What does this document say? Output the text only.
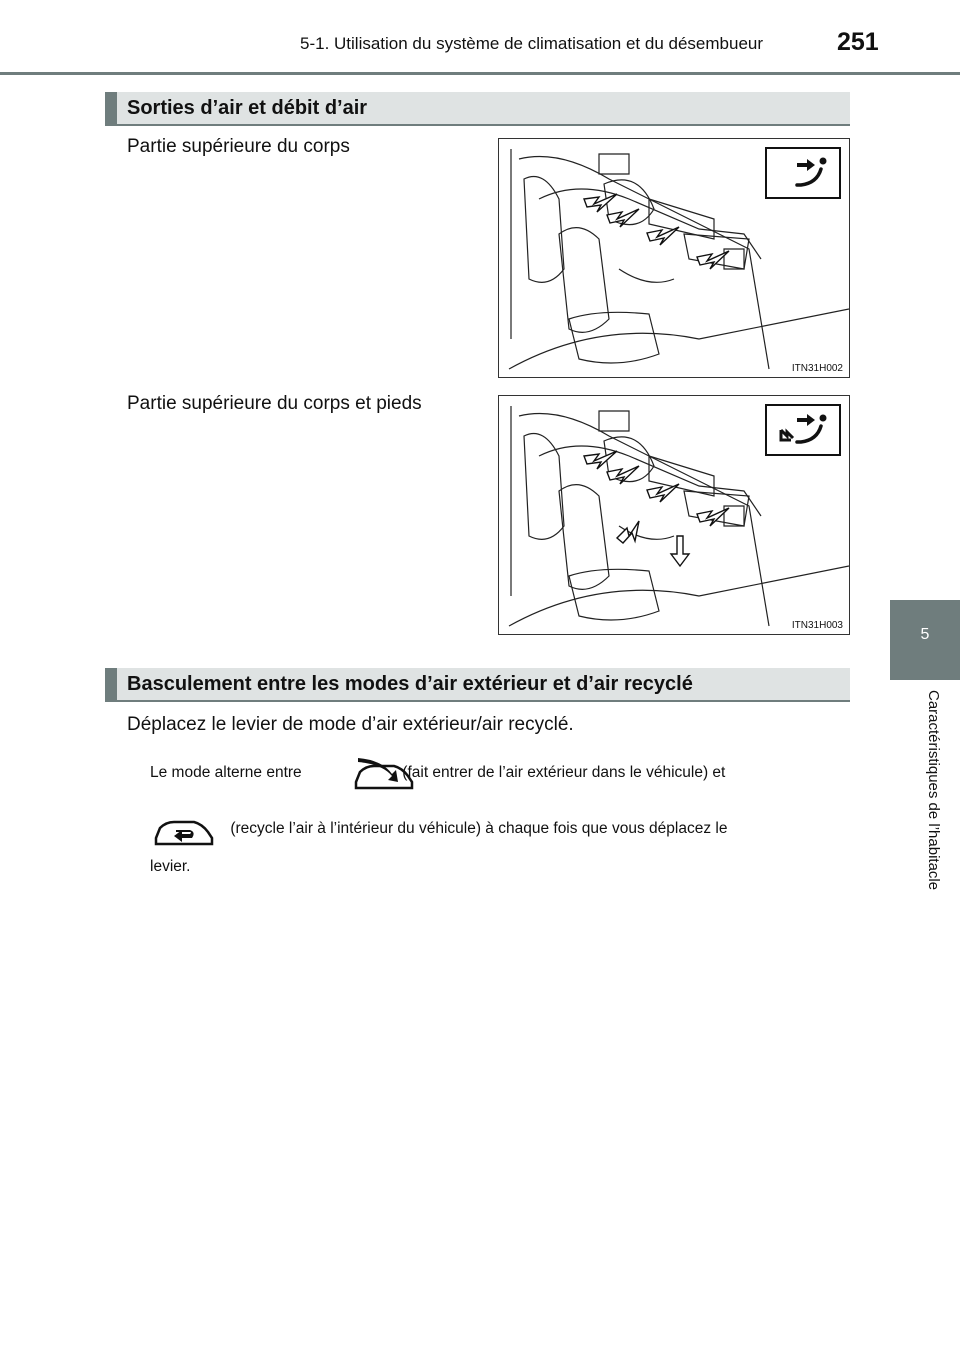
5-1. Utilisation du système de climatisation et du désembueur	251
5
Caractéristiques de l’habitacle
Sorties d’air et débit d’air
Partie supérieure du corps
ITN31H002
Partie supérieure du corps et pieds
ITN31H003
Basculement entre les modes d’air extérieur et d’air recyclé
Déplacez le levier de mode d’air extérieur/air recyclé.
Le mode alterne entre	(fait entrer de l’air extérieur dans le véhicule) et
(recycle l’air à l’intérieur du véhicule) à chaque fois que vous déplacez le
levier.
